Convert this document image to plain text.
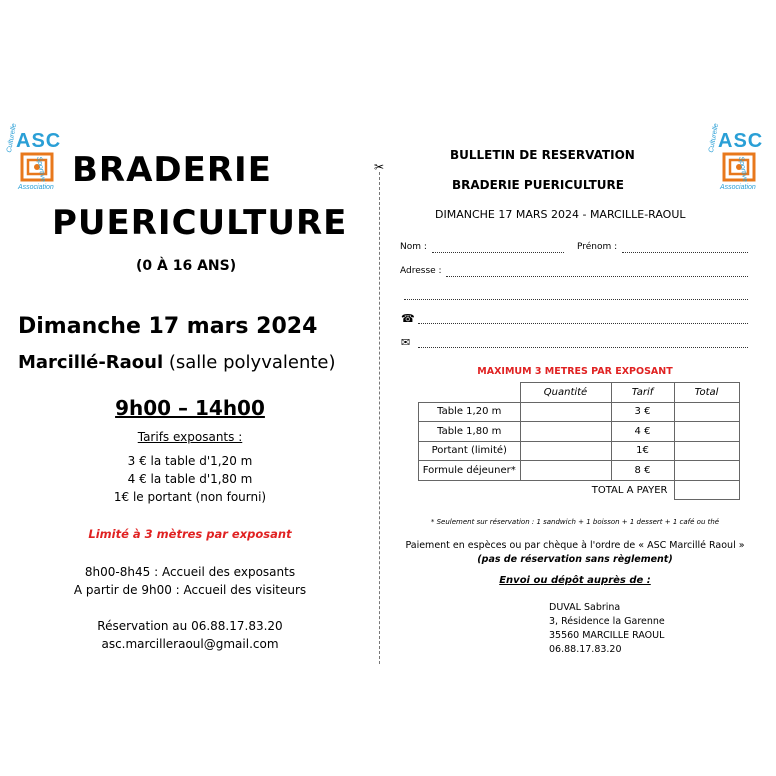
ASC
Culturelle
Sportive
Association BRADERIE
PUERICULTURE
(0 À 16 ANS)
Dimanche 17 mars 2024
Marcillé-Raoul (salle polyvalente)
9h00 – 14h00
Tarifs exposants :
3 € la table d'1,20 m
4 € la table d'1,80 m
1€ le portant (non fourni)
Limité à 3 mètres par exposant
8h00-8h45 : Accueil des exposants
A partir de 9h00 : Accueil des visiteurs
Réservation au 06.88.17.83.20
asc.marcilleraoul@gmail.com
✂
ASC
Culturelle
Sportive
Association
BULLETIN DE RESERVATION
BRADERIE PUERICULTURE
DIMANCHE 17 MARS 2024 - MARCILLE-RAOUL
Nom :	Prénom :
Adresse :
☎
✉
MAXIMUM 3 METRES PAR EXPOSANT
	Quantité	Tarif	Total
Table 1,20 m		3 €	
Table 1,80 m		4 €	
Portant (limité)		1€	
Formule déjeuner*		8 €	
TOTAL A PAYER			
* Seulement sur réservation : 1 sandwich + 1 boisson + 1 dessert + 1 café ou thé
Paiement en espèces ou par chèque à l'ordre de « ASC Marcillé Raoul »
(pas de réservation sans règlement)
Envoi ou dépôt auprès de :
DUVAL Sabrina
3, Résidence la Garenne
35560 MARCILLE RAOUL
06.88.17.83.20
